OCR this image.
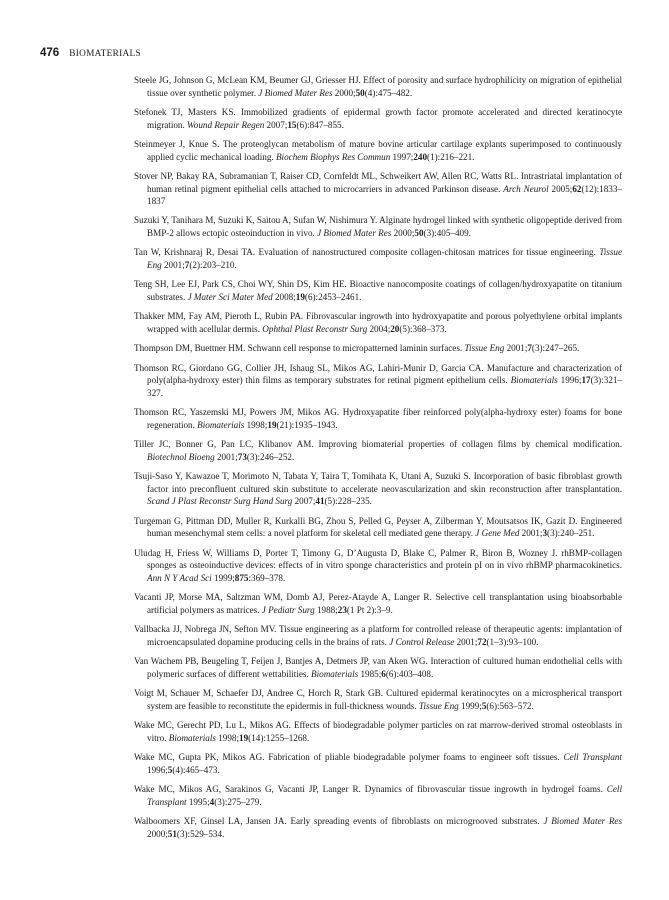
476 BIOMATERIALS
Steele JG, Johnson G, McLean KM, Beumer GJ, Griesser HJ. Effect of porosity and surface hydrophilicity on migration of epithelial tissue over synthetic polymer. J Biomed Mater Res 2000;50(4):475–482.
Stefonek TJ, Masters KS. Immobilized gradients of epidermal growth factor promote accelerated and directed keratinocyte migration. Wound Repair Regen 2007;15(6):847–855.
Steinmeyer J, Knue S. The proteoglycan metabolism of mature bovine articular cartilage explants superimposed to continuously applied cyclic mechanical loading. Biochem Biophys Res Commun 1997;240(1):216–221.
Stover NP, Bakay RA, Subramanian T, Raiser CD, Cornfeldt ML, Schweikert AW, Allen RC, Watts RL. Intrastriatal implantation of human retinal pigment epithelial cells attached to microcarriers in advanced Parkinson disease. Arch Neurol 2005;62(12):1833–1837
Suzuki Y, Tanihara M, Suzuki K, Saitou A, Sufan W, Nishimura Y. Alginate hydrogel linked with synthetic oligopeptide derived from BMP-2 allows ectopic osteoinduction in vivo. J Biomed Mater Res 2000;50(3):405–409.
Tan W, Krishnaraj R, Desai TA. Evaluation of nanostructured composite collagen-chitosan matrices for tissue engineering. Tissue Eng 2001;7(2):203–210.
Teng SH, Lee EJ, Park CS, Choi WY, Shin DS, Kim HE. Bioactive nanocomposite coatings of collagen/hydroxyapatite on titanium substrates. J Mater Sci Mater Med 2008;19(6):2453–2461.
Thakker MM, Fay AM, Pieroth L, Rubin PA. Fibrovascular ingrowth into hydroxyapatite and porous polyethylene orbital implants wrapped with acellular dermis. Ophthal Plast Reconstr Surg 2004;20(5):368–373.
Thompson DM, Buettner HM. Schwann cell response to micropatterned laminin surfaces. Tissue Eng 2001;7(3):247–265.
Thomson RC, Giordano GG, Collier JH, Ishaug SL, Mikos AG, Lahiri-Munir D, Garcia CA. Manufacture and characterization of poly(alpha-hydroxy ester) thin films as temporary substrates for retinal pigment epithelium cells. Biomaterials 1996;17(3):321–327.
Thomson RC, Yaszemski MJ, Powers JM, Mikos AG. Hydroxyapatite fiber reinforced poly(alpha-hydroxy ester) foams for bone regeneration. Biomaterials 1998;19(21):1935–1943.
Tiller JC, Bonner G, Pan LC, Klibanov AM. Improving biomaterial properties of collagen films by chemical modification. Biotechnol Bioeng 2001;73(3):246–252.
Tsuji-Saso Y, Kawazoe T, Morimoto N, Tabata Y, Taira T, Tomihata K, Utani A, Suzuki S. Incorporation of basic fibroblast growth factor into preconfluent cultured skin substitute to accelerate neovascularization and skin reconstruction after transplantation. Scand J Plast Reconstr Surg Hand Surg 2007;41(5):228–235.
Turgeman G, Pittman DD, Muller R, Kurkalli BG, Zhou S, Pelled G, Peyser A, Zilberman Y, Moutsatsos IK, Gazit D. Engineered human mesenchymal stem cells: a novel platform for skeletal cell mediated gene therapy. J Gene Med 2001;3(3):240–251.
Uludag H, Friess W, Williams D, Porter T, Timony G, D’Augusta D, Blake C, Palmer R, Biron B, Wozney J. rhBMP-collagen sponges as osteoinductive devices: effects of in vitro sponge characteristics and protein pI on in vivo rhBMP pharmacokinetics. Ann N Y Acad Sci 1999;875:369–378.
Vacanti JP, Morse MA, Saltzman WM, Domb AJ, Perez-Atayde A, Langer R. Selective cell transplantation using bioabsorbable artificial polymers as matrices. J Pediatr Surg 1988;23(1 Pt 2):3–9.
Vallbacka JJ, Nobrega JN, Sefton MV. Tissue engineering as a platform for controlled release of therapeutic agents: implantation of microencapsulated dopamine producing cells in the brains of rats. J Control Release 2001;72(1–3):93–100.
Van Wachem PB, Beugeling T, Feijen J, Bantjes A, Detmers JP, van Aken WG. Interaction of cultured human endothelial cells with polymeric surfaces of different wettabilities. Biomaterials 1985;6(6):403–408.
Voigt M, Schauer M, Schaefer DJ, Andree C, Horch R, Stark GB. Cultured epidermal keratinocytes on a microspherical transport system are feasible to reconstitute the epidermis in full-thickness wounds. Tissue Eng 1999;5(6):563–572.
Wake MC, Gerecht PD, Lu L, Mikos AG. Effects of biodegradable polymer particles on rat marrow-derived stromal osteoblasts in vitro. Biomaterials 1998;19(14):1255–1268.
Wake MC, Gupta PK, Mikos AG. Fabrication of pliable biodegradable polymer foams to engineer soft tissues. Cell Transplant 1996;5(4):465–473.
Wake MC, Mikos AG, Sarakinos G, Vacanti JP, Langer R. Dynamics of fibrovascular tissue ingrowth in hydrogel foams. Cell Transplant 1995;4(3):275–279.
Walboomers XF, Ginsel LA, Jansen JA. Early spreading events of fibroblasts on microgrooved substrates. J Biomed Mater Res 2000;51(3):529–534.
